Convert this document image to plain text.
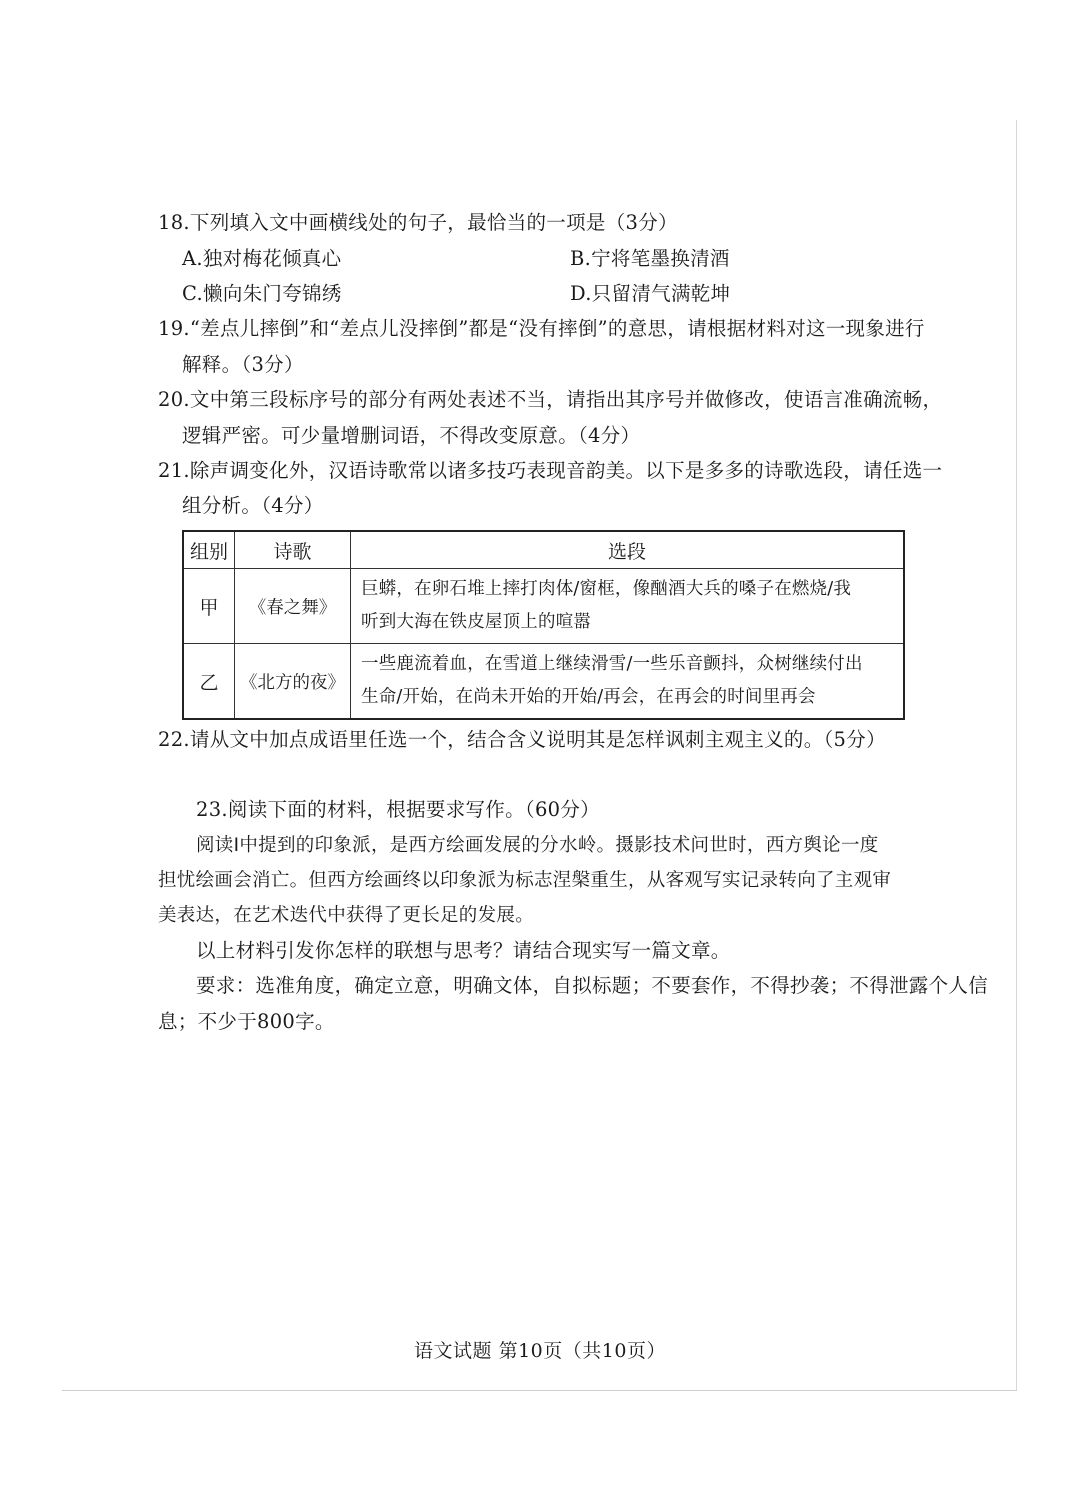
18.下列填入文中画横线处的句子，最恰当的一项是（3分）
A.独对梅花倾真心	B.宁将笔墨换清酒
C.懒向朱门夸锦绣	D.只留清气满乾坤
19.“差点儿摔倒”和“差点儿没摔倒”都是“没有摔倒”的意思，请根据材料对这一现象进行
解释。（3分）
20.文中第三段标序号的部分有两处表述不当，请指出其序号并做修改，使语言准确流畅，
逻辑严密。可少量增删词语，不得改变原意。（4分）
21.除声调变化外，汉语诗歌常以诸多技巧表现音韵美。以下是多多的诗歌选段，请任选一
组分析。（4分）
组别	诗歌	选段
甲	《春之舞》	巨蟒，在卵石堆上摔打肉体/窗框，像酗酒大兵的嗓子在燃烧/我
听到大海在铁皮屋顶上的喧嚣

乙	《北方的夜》	一些鹿流着血，在雪道上继续滑雪/一些乐音颤抖，众树继续付出
生命/开始，在尚未开始的开始/再会，在再会的时间里再会
22.请从文中加点成语里任选一个，结合含义说明其是怎样讽刺主观主义的。（5分）
23.阅读下面的材料，根据要求写作。（60分）
阅读Ⅰ中提到的印象派，是西方绘画发展的分水岭。摄影技术问世时，西方舆论一度
担忧绘画会消亡。但西方绘画终以印象派为标志涅槃重生，从客观写实记录转向了主观审
美表达，在艺术迭代中获得了更长足的发展。
以上材料引发你怎样的联想与思考？请结合现实写一篇文章。
要求：选准角度，确定立意，明确文体，自拟标题；不要套作，不得抄袭；不得泄露个人信
息；不少于800字。
语文试题 第10页（共10页）
